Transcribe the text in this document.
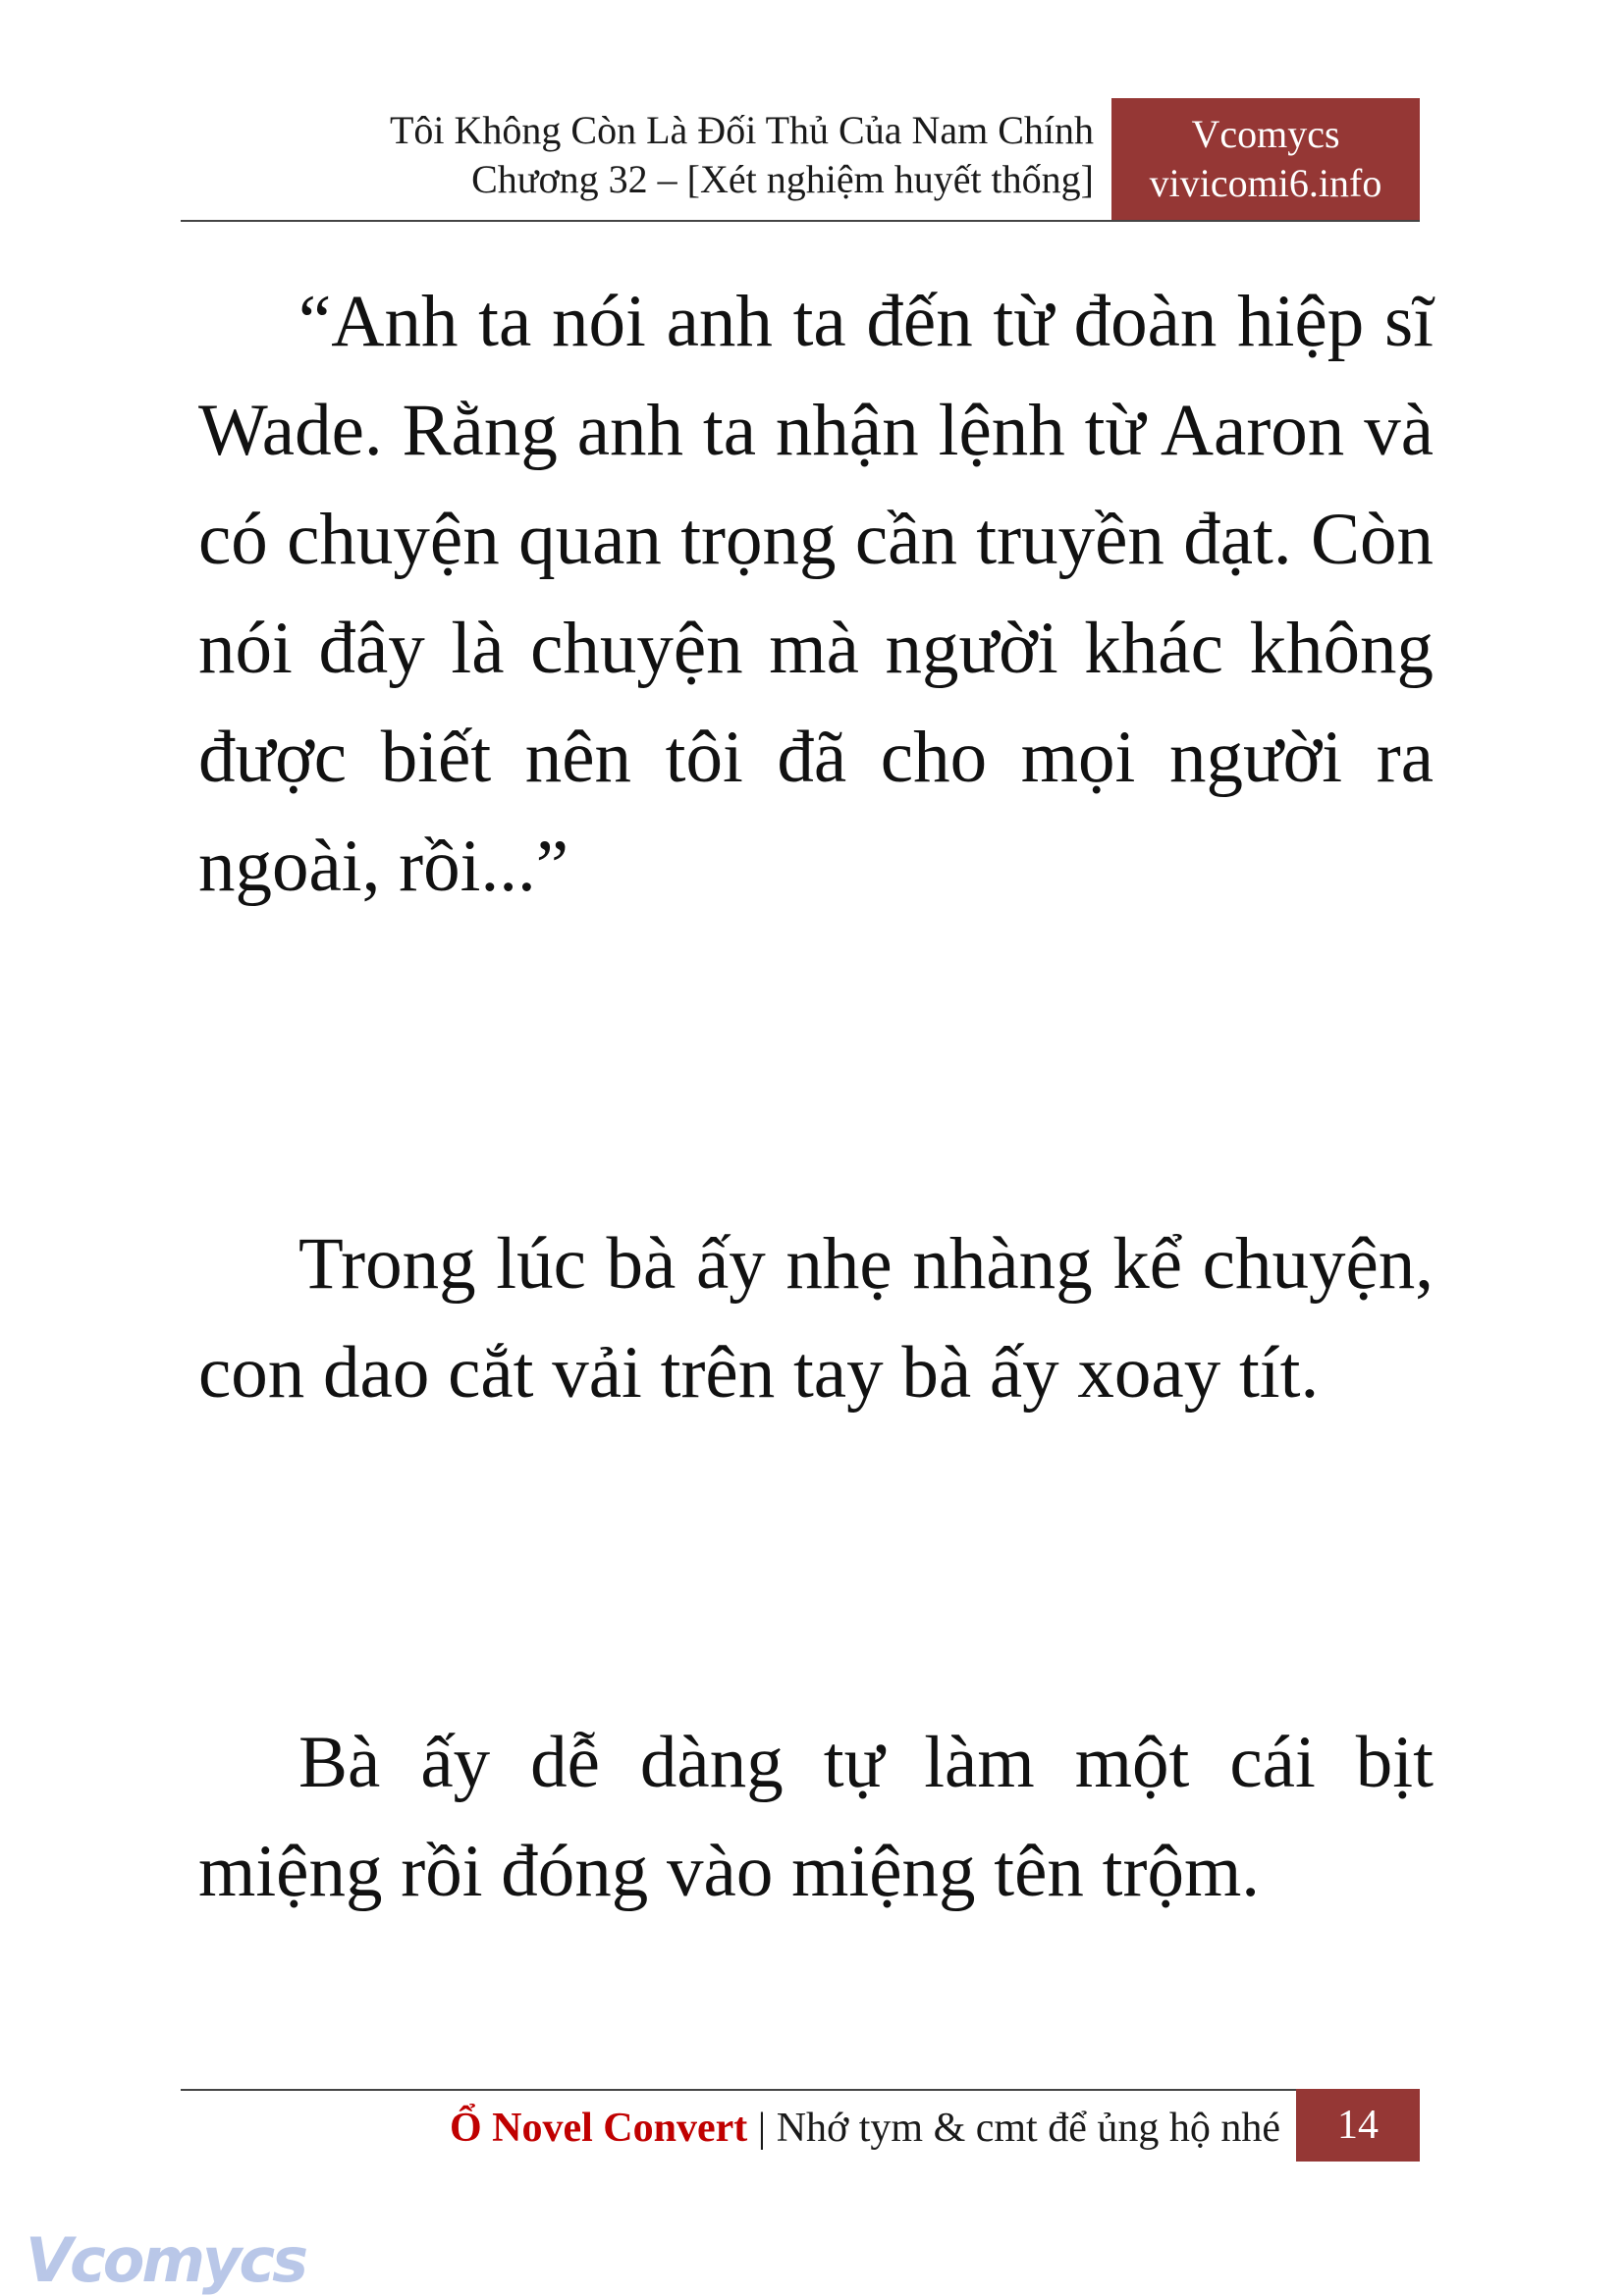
Tôi Không Còn Là Đối Thủ Của Nam Chính
Chương 32 – [Xét nghiệm huyết thống]
Vcomycs
vivicomi6.info

“Anh ta nói anh ta đến từ đoàn hiệp sĩ Wade. Rằng anh ta nhận lệnh từ Aaron và có chuyện quan trọng cần truyền đạt. Còn nói đây là chuyện mà người khác không được biết nên tôi đã cho mọi người ra ngoài, rồi...”

Trong lúc bà ấy nhẹ nhàng kể chuyện, con dao cắt vải trên tay bà ấy xoay tít.

Bà ấy dễ dàng tự làm một cái bịt miệng rồi đóng vào miệng tên trộm.

Ổ Novel Convert | Nhớ tym & cmt để ủng hộ nhé	14
Vcomycs
